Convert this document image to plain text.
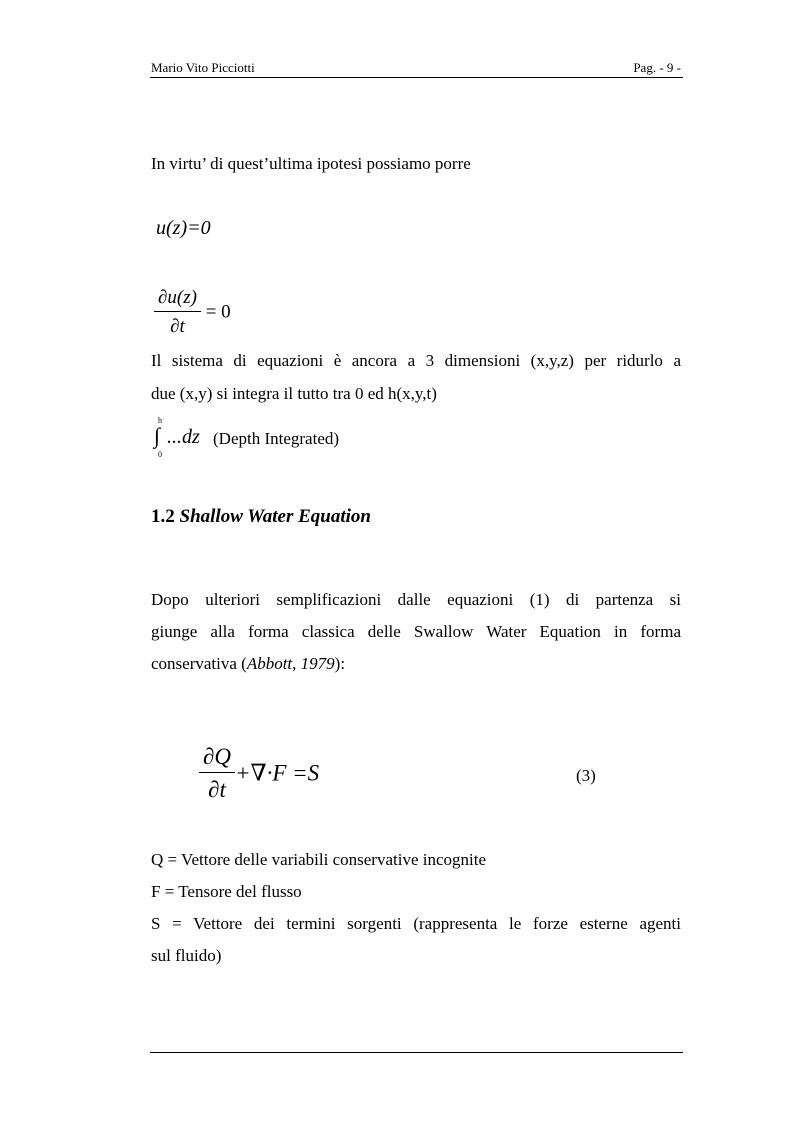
Mario Vito Picciotti	Pag. - 9 -
In virtu’ di quest’ultima ipotesi possiamo porre
u(z)=0
$\frac{\partial u(z)}{\partial t} = 0$
Il sistema di equazioni è ancora a 3 dimensioni (x,y,z) per ridurlo a
due (x,y) si integra il tutto tra 0 ed h(x,y,t)
h
0
∫ ...dz (Depth Integrated)
1.2 Shallow Water Equation
Dopo ulteriori semplificazioni dalle equazioni (1) di partenza si
giunge alla forma classica delle Swallow Water Equation in forma
conservativa (Abbott, 1979):
$\frac{\partial Q}{\partial t} +\nabla\cdot F =S$	(3)
Q = Vettore delle variabili conservative incognite
F = Tensore del flusso
S = Vettore dei termini sorgenti (rappresenta le forze esterne agenti
sul fluido)
